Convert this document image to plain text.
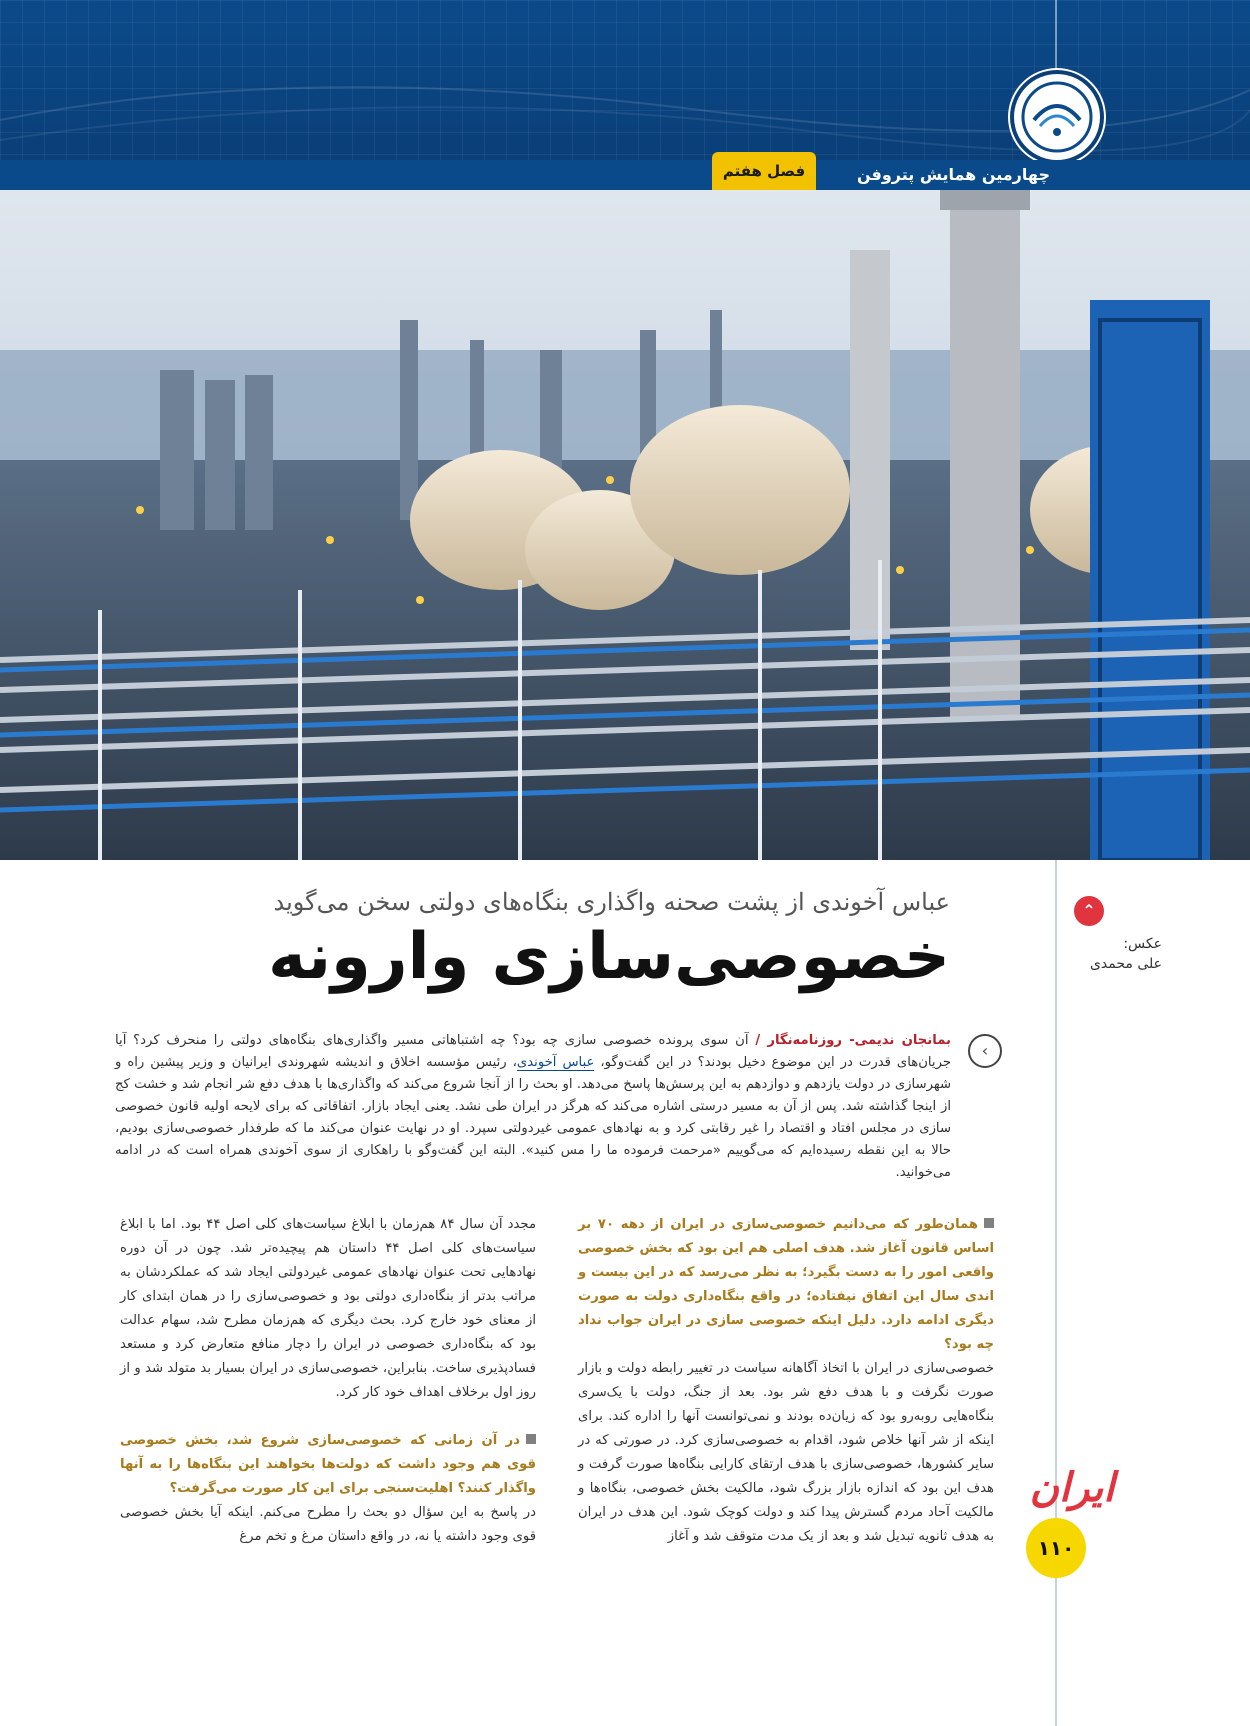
چهارمین همایش پتروفن
فصل هفتم
⌃
عکس:
علی محمدی
عباس آخوندی از پشت صحنه واگذاری بنگاه‌های دولتی سخن می‌گوید
خصوصی‌سازی وارونه
‹
بمانجان ندیمی- روزنامه‌نگار / آن سوی پرونده خصوصی سازی چه بود؟ چه اشتباهاتی مسیر واگذاری‌های بنگاه‌های دولتی را منحرف کرد؟ آیا جریان‌های قدرت در این موضوع دخیل بودند؟ در این گفت‌وگو، عباس آخوندی، رئیس مؤسسه اخلاق و اندیشه شهروندی ایرانیان و وزیر پیشین راه و شهرسازی در دولت یازدهم و دوازدهم به این پرسش‌ها پاسخ می‌دهد. او بحث را از آنجا شروع می‌کند که واگذاری‌ها با هدف دفع شر انجام شد و خشت کج از اینجا گذاشته شد. پس از آن به مسیر درستی اشاره می‌کند که هرگز در ایران طی نشد. یعنی ایجاد بازار. اتفاقاتی که برای لایحه اولیه قانون خصوصی سازی در مجلس افتاد و اقتصاد را غیر رقابتی کرد و به نهادهای عمومی غیردولتی سپرد. او در نهایت عنوان می‌کند ما که طرفدار خصوصی‌سازی بودیم، حالا به این نقطه رسیده‌ایم که می‌گوییم «مرحمت فرموده ما را مس کنید». البته این گفت‌وگو با راهکاری از سوی آخوندی همراه است که در ادامه می‌خوانید.

همان‌طور که می‌دانیم خصوصی‌سازی در ایران از دهه ۷۰ بر اساس قانون آغاز شد. هدف اصلی هم این بود که بخش خصوصی واقعی امور را به دست بگیرد؛ به نظر می‌رسد که در این بیست و اندی سال این اتفاق نیفتاده؛ در واقع بنگاه‌داری دولت به صورت دیگری ادامه دارد. دلیل اینکه خصوصی سازی در ایران جواب نداد چه بود؟

خصوصی‌سازی در ایران با اتخاذ آگاهانه سیاست در تغییر رابطه دولت و بازار صورت نگرفت و با هدف دفع شر بود. بعد از جنگ، دولت با یک‌سری بنگاه‌هایی روبه‌رو بود که زیان‌ده بودند و نمی‌توانست آنها را اداره کند. برای اینکه از شر آنها خلاص شود، اقدام به خصوصی‌سازی کرد. در صورتی که در سایر کشورها، خصوصی‌سازی با هدف ارتقای کارایی بنگاه‌ها صورت گرفت و هدف این بود که اندازه بازار بزرگ شود، مالکیت بخش خصوصی، بنگاه‌ها و مالکیت آحاد مردم گسترش پیدا کند و دولت کوچک شود. این هدف در ایران به هدف ثانویه تبدیل شد و بعد از یک مدت متوقف شد و آغاز

مجدد آن سال ۸۴ هم‌زمان با ابلاغ سیاست‌های کلی اصل ۴۴ بود. اما با ابلاغ سیاست‌های کلی اصل ۴۴ داستان هم پیچیده‌تر شد. چون در آن دوره نهادهایی تحت عنوان نهادهای عمومی غیردولتی ایجاد شد که عملکردشان به مراتب بدتر از بنگاه‌داری دولتی بود و خصوصی‌سازی را در همان ابتدای کار از معنای خود خارج کرد. بحث دیگری که هم‌زمان مطرح شد، سهام عدالت بود که بنگاه‌داری خصوصی در ایران را دچار منافع متعارض کرد و مستعد فسادپذیری ساخت. بنابراین، خصوصی‌سازی در ایران بسیار بد متولد شد و از روز اول برخلاف اهداف خود کار کرد.

در آن زمانی که خصوصی‌سازی شروع شد، بخش خصوصی قوی هم وجود داشت که دولت‌ها بخواهند این بنگاه‌ها را به آنها واگذار کنند؟ اهلیت‌سنجی برای این کار صورت می‌گرفت؟

در پاسخ به این سؤال دو بحث را مطرح می‌کنم. اینکه آیا بخش خصوصی قوی وجود داشته یا نه، در واقع داستان مرغ و تخم مرغ

ایران
۱۱۰
